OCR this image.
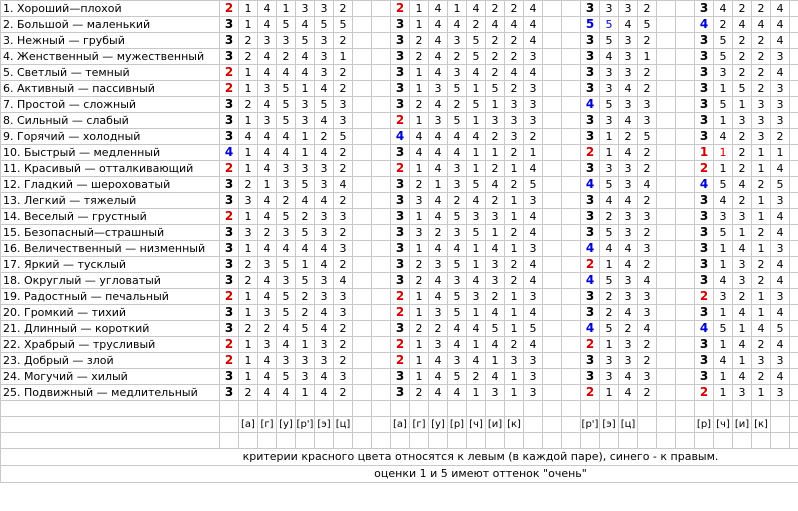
1. Хороший—плохой	2	1	4	1	3	3	2			2	1	4	1	4	2	2	4			3	3	3	2			3	4	2	2	4									
2. Большой — маленький	3	1	4	5	4	5	5			3	1	4	4	2	4	4	4			5	5	4	5			4	2	4	4	4									
3. Нежный — грубый	3	2	3	3	5	3	2			3	2	4	3	5	2	2	4			3	5	3	2			3	5	2	2	4									
4. Женственный — мужественный	3	2	4	2	4	3	1			3	2	4	2	5	2	2	3			3	4	3	1			3	5	2	2	3									
5. Светлый — темный	2	1	4	4	4	3	2			3	1	4	3	4	2	4	4			3	3	3	2			3	3	2	2	4									
6. Активный — пассивный	2	1	3	5	1	4	2			3	1	3	5	1	5	2	3			3	3	4	2			3	1	5	2	3									
7. Простой — сложный	3	2	4	5	3	5	3			3	2	4	2	5	1	3	3			4	5	3	3			3	5	1	3	3									
8. Сильный — слабый	3	1	3	5	3	4	3			2	1	3	5	1	3	3	3			3	3	4	3			3	1	3	3	3									
9. Горячий — холодный	3	4	4	4	1	2	5			4	4	4	4	4	2	3	2			3	1	2	5			3	4	2	3	2									
10. Быстрый — медленный	4	1	4	4	1	4	2			3	4	4	4	1	1	2	1			2	1	4	2			1	1	2	1	1									
11. Красивый — отталкивающий	2	1	4	3	3	3	2			2	1	4	3	1	2	1	4			3	3	3	2			2	1	2	1	4									
12. Гладкий — шероховатый	3	2	1	3	5	3	4			3	2	1	3	5	4	2	5			4	5	3	4			4	5	4	2	5									
13. Легкий — тяжелый	3	3	4	2	4	4	2			3	3	4	2	4	2	1	3			3	4	4	2			3	4	2	1	3									
14. Веселый — грустный	2	1	4	5	2	3	3			3	1	4	5	3	3	1	4			3	2	3	3			3	3	3	1	4									
15. Безопасный—страшный	3	3	2	3	5	3	2			3	3	2	3	5	1	2	4			3	5	3	2			3	5	1	2	4									
16. Величественный — низменный	3	1	4	4	4	4	3			3	1	4	4	1	4	1	3			4	4	4	3			3	1	4	1	3									
17. Яркий — тусклый	3	2	3	5	1	4	2			3	2	3	5	1	3	2	4			2	1	4	2			3	1	3	2	4									
18. Округлый — угловатый	3	2	4	3	5	3	4			3	2	4	3	4	3	2	4			4	5	3	4			3	4	3	2	4									
19. Радостный — печальный	2	1	4	5	2	3	3			2	1	4	5	3	2	1	3			3	2	3	3			2	3	2	1	3									
20. Громкий — тихий	3	1	3	5	2	4	3			2	1	3	5	1	4	1	4			3	2	4	3			3	1	4	1	4									
21. Длинный — короткий	3	2	2	4	5	4	2			3	2	2	4	4	5	1	5			4	5	2	4			4	5	1	4	5									
22. Храбрый — трусливый	2	1	3	4	1	3	2			2	1	3	4	1	4	2	4			2	1	3	2			3	1	4	2	4									
23. Добрый — злой	2	1	4	3	3	3	2			2	1	4	3	4	1	3	3			3	3	3	2			3	4	1	3	3									
24. Могучий — хилый	3	1	4	5	3	4	3			3	1	4	5	2	4	1	3			3	3	4	3			3	1	4	2	4									
25. Подвижный — медлительный	3	2	4	4	1	4	2			3	2	4	4	1	3	1	3			2	1	4	2			2	1	3	1	3									

		[а]	[г]	[у]	[р']	[э]	[ц]			[а]	[г]	[у]	[р]	[ч]	[и]	[к]				[р']	[э]	[ц]				[р]	[ч]	[и]	[к]										

критерии красного цвета относятся к левым (в каждой паре), синего - к правым.																																							
оценки 1 и 5 имеют оттенок "очень"																																							
